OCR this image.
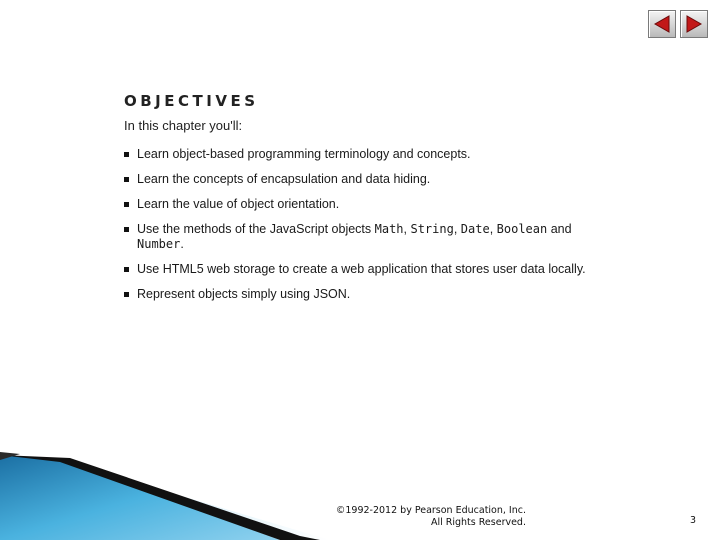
OBJECTIVES
In this chapter you'll:
Learn object-based programming terminology and concepts.
Learn the concepts of encapsulation and data hiding.
Learn the value of object orientation.
Use the methods of the JavaScript objects Math, String, Date, Boolean and Number.
Use HTML5 web storage to create a web application that stores user data locally.
Represent objects simply using JSON.
©1992-2012 by Pearson Education, Inc.
All Rights Reserved.	3
